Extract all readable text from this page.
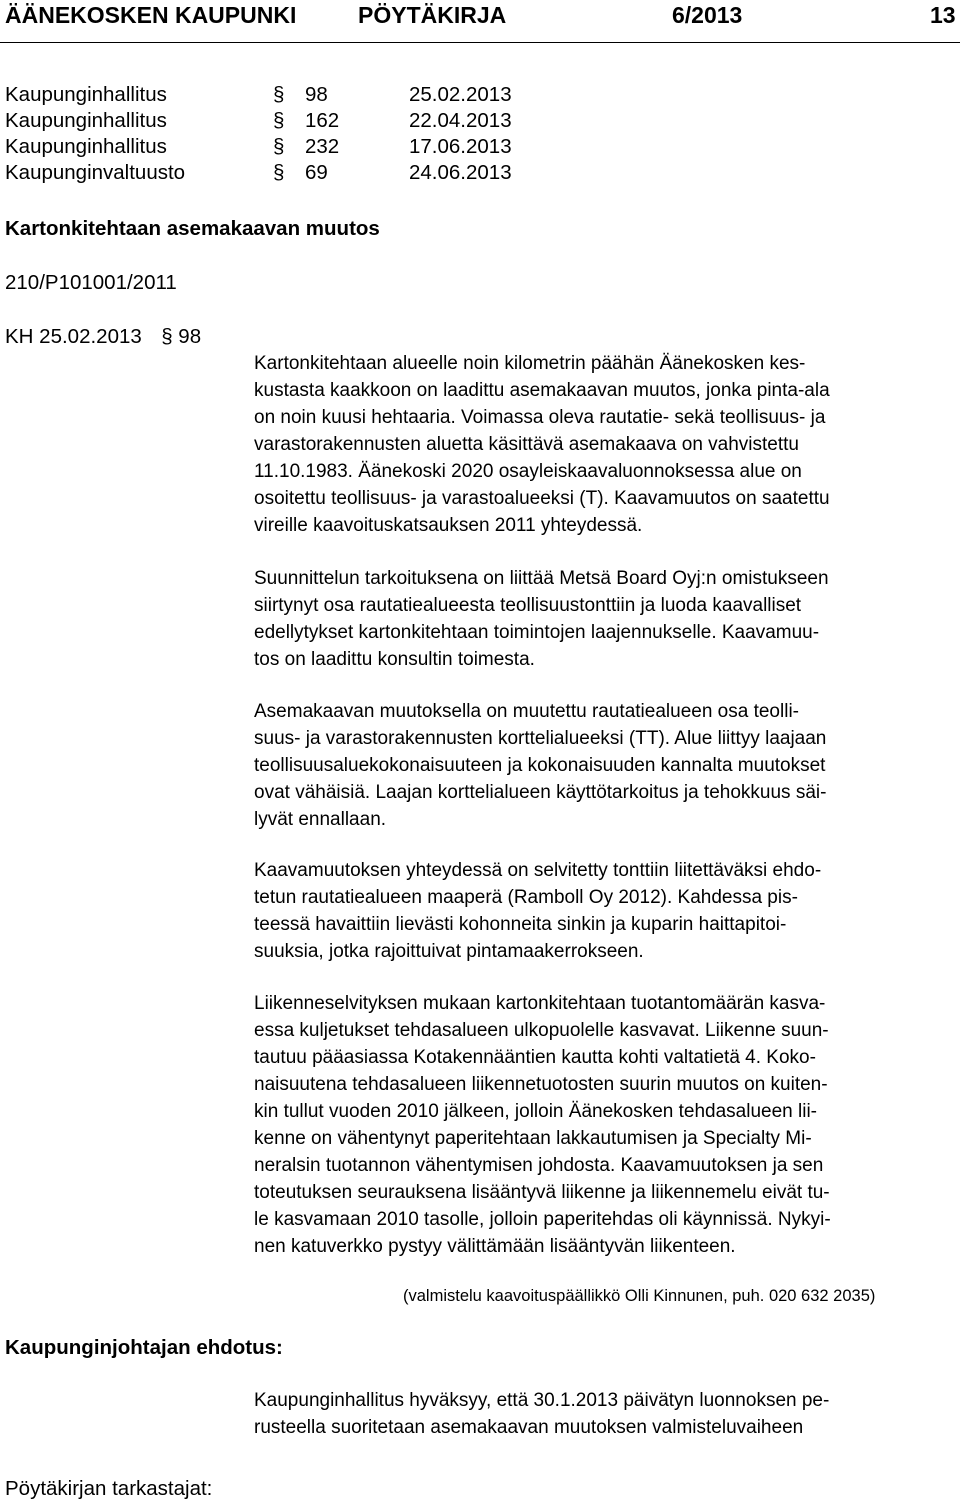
ÄÄNEKOSKEN KAUPUNKI	PÖYTÄKIRJA	6/2013	13
Kaupunginhallitus	§ 98	25.02.2013
Kaupunginhallitus	§ 162	22.04.2013
Kaupunginhallitus	§ 232	17.06.2013
Kaupunginvaltuusto	§ 69	24.06.2013
Kartonkitehtaan asemakaavan muutos
210/P101001/2011
KH 25.02.2013 § 98
Kartonkitehtaan alueelle noin kilometrin päähän Äänekosken kes-
kustasta kaakkoon on laadittu asemakaavan muutos, jonka pinta-ala
on noin kuusi hehtaaria. Voimassa oleva rautatie- sekä teollisuus- ja
varastorakennusten aluetta käsittävä asemakaava on vahvistettu
11.10.1983. Äänekoski 2020 osayleiskaavaluonnoksessa alue on
osoitettu teollisuus- ja varastoalueeksi (T). Kaavamuutos on saatettu
vireille kaavoituskatsauksen 2011 yhteydessä.
Suunnittelun tarkoituksena on liittää Metsä Board Oyj:n omistukseen
siirtynyt osa rautatiealueesta teollisuustonttiin ja luoda kaavalliset
edellytykset kartonkitehtaan toimintojen laajennukselle. Kaavamuu-
tos on laadittu konsultin toimesta.
Asemakaavan muutoksella on muutettu rautatiealueen osa teolli-
suus- ja varastorakennusten korttelialueeksi (TT). Alue liittyy laajaan
teollisuusaluekokonaisuuteen ja kokonaisuuden kannalta muutokset
ovat vähäisiä. Laajan korttelialueen käyttötarkoitus ja tehokkuus säi-
lyvät ennallaan.
Kaavamuutoksen yhteydessä on selvitetty tonttiin liitettäväksi ehdo-
tetun rautatiealueen maaperä (Ramboll Oy 2012). Kahdessa pis-
teessä havaittiin lievästi kohonneita sinkin ja kuparin haittapitoi-
suuksia, jotka rajoittuivat pintamaakerrokseen.
Liikenneselvityksen mukaan kartonkitehtaan tuotantomäärän kasva-
essa kuljetukset tehdasalueen ulkopuolelle kasvavat. Liikenne suun-
tautuu pääasiassa Kotakennääntien kautta kohti valtatietä 4. Koko-
naisuutena tehdasalueen liikennetuotosten suurin muutos on kuiten-
kin tullut vuoden 2010 jälkeen, jolloin Äänekosken tehdasalueen lii-
kenne on vähentynyt paperitehtaan lakkautumisen ja Specialty Mi-
neralsin tuotannon vähentymisen johdosta. Kaavamuutoksen ja sen
toteutuksen seurauksena lisääntyvä liikenne ja liikennemelu eivät tu-
le kasvamaan 2010 tasolle, jolloin paperitehdas oli käynnissä. Nykyi-
nen katuverkko pystyy välittämään lisääntyvän liikenteen.
(valmistelu kaavoituspäällikkö Olli Kinnunen, puh. 020 632 2035)
Kaupunginjohtajan ehdotus:
Kaupunginhallitus hyväksyy, että 30.1.2013 päivätyn luonnoksen pe-
rusteella suoritetaan asemakaavan muutoksen valmisteluvaiheen
Pöytäkirjan tarkastajat:
